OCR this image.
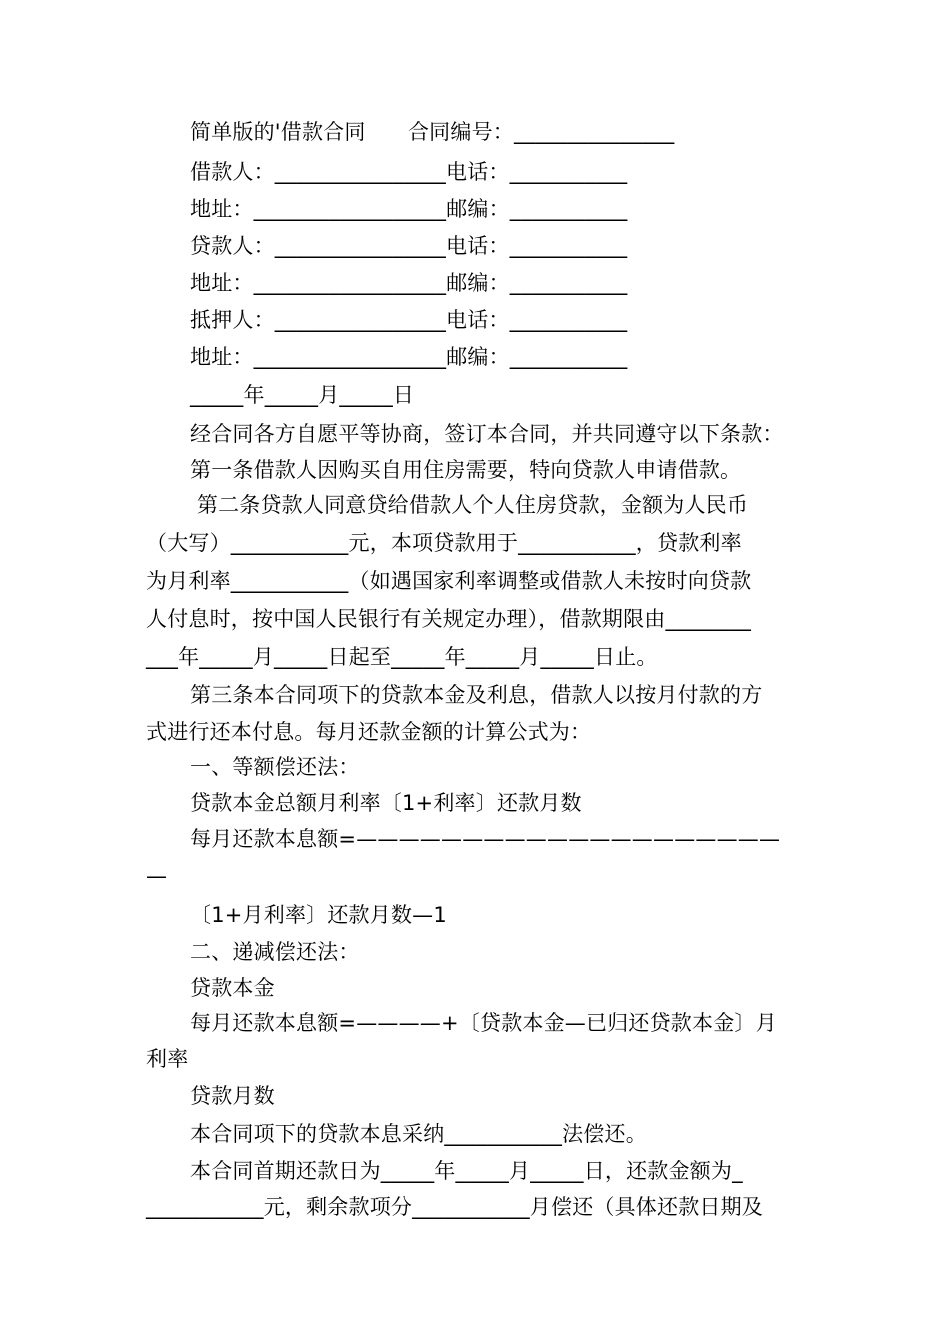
简单版的'借款合同　　合同编号：_______________

借款人：________________电话：___________

地址：__________________邮编：___________

贷款人：________________电话：___________

地址：__________________邮编：___________

抵押人：________________电话：___________

地址：__________________邮编：___________

_____年_____月_____日

经合同各方自愿平等协商，签订本合同，并共同遵守以下条款：

第一条借款人因购买自用住房需要，特向贷款人申请借款。

第二条贷款人同意贷给借款人个人住房贷款，金额为人民币

（大写）___________元，本项贷款用于___________，贷款利率

为月利率___________（如遇国家利率调整或借款人未按时向贷款

人付息时，按中国人民银行有关规定办理），借款期限由________

___年_____月_____日起至_____年_____月_____日止。

第三条本合同项下的贷款本金及利息，借款人以按月付款的方

式进行还本付息。每月还款金额的计算公式为：

一、等额偿还法：

贷款本金总额月利率〔1+利率〕还款月数

每月还款本息额=————————————————————

—

〔1+月利率〕还款月数—1

二、递减偿还法：

贷款本金

每月还款本息额=————+〔贷款本金—已归还贷款本金〕月

利率

贷款月数

本合同项下的贷款本息采纳___________法偿还。

本合同首期还款日为_____年_____月_____日，还款金额为_

___________元，剩余款项分___________月偿还（具体还款日期及
